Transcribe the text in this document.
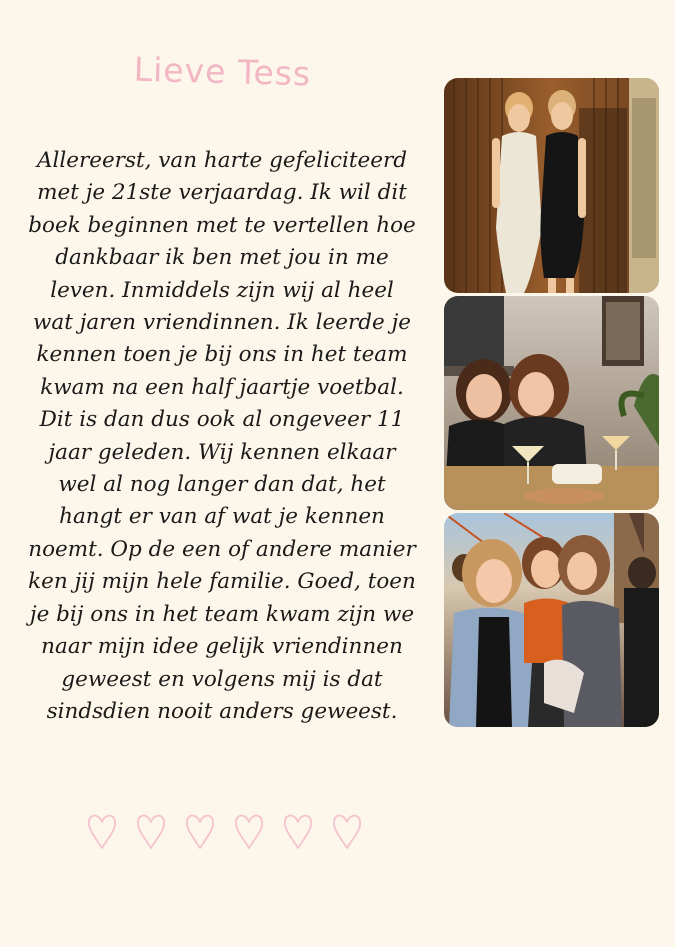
Lieve Tess

Allereerst, van harte gefeliciteerd
met je 21ste verjaardag. Ik wil dit
boek beginnen met te vertellen hoe
dankbaar ik ben met jou in me
leven. Inmiddels zijn wij al heel
wat jaren vriendinnen. Ik leerde je
kennen toen je bij ons in het team
kwam na een half jaartje voetbal.
Dit is dan dus ook al ongeveer 11
jaar geleden. Wij kennen elkaar
wel al nog langer dan dat, het
hangt er van af wat je kennen
noemt. Op de een of andere manier
ken jij mijn hele familie. Goed, toen
je bij ons in het team kwam zijn we
naar mijn idee gelijk vriendinnen
geweest en volgens mij is dat
sindsdien nooit anders geweest.
